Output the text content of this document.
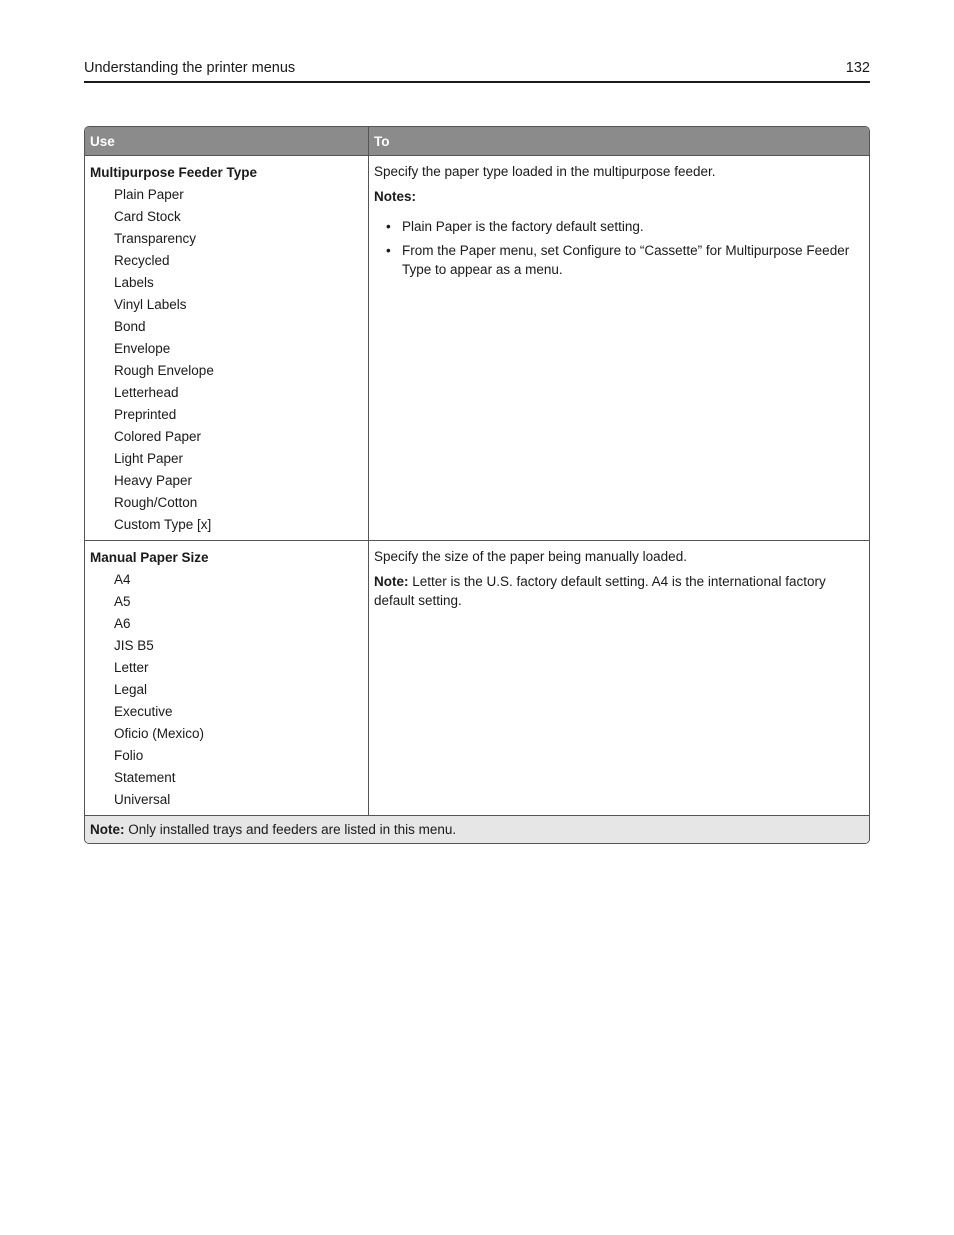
Understanding the printer menus	132
Use	To
Multipurpose Feeder Type
Plain Paper
Card Stock
Transparency
Recycled
Labels
Vinyl Labels
Bond
Envelope
Rough Envelope
Letterhead
Preprinted
Colored Paper
Light Paper
Heavy Paper
Rough/Cotton
Custom Type [x]

Specify the paper type loaded in the multipurpose feeder.

Notes:

• Plain Paper is the factory default setting.
• From the Paper menu, set Configure to “Cassette” for Multipurpose Feeder Type to appear as a menu.
Manual Paper Size
A4
A5
A6
JIS B5
Letter
Legal
Executive
Oficio (Mexico)
Folio
Statement
Universal

Specify the size of the paper being manually loaded.

Note: Letter is the U.S. factory default setting. A4 is the international factory default setting.

Note: Only installed trays and feeders are listed in this menu.
